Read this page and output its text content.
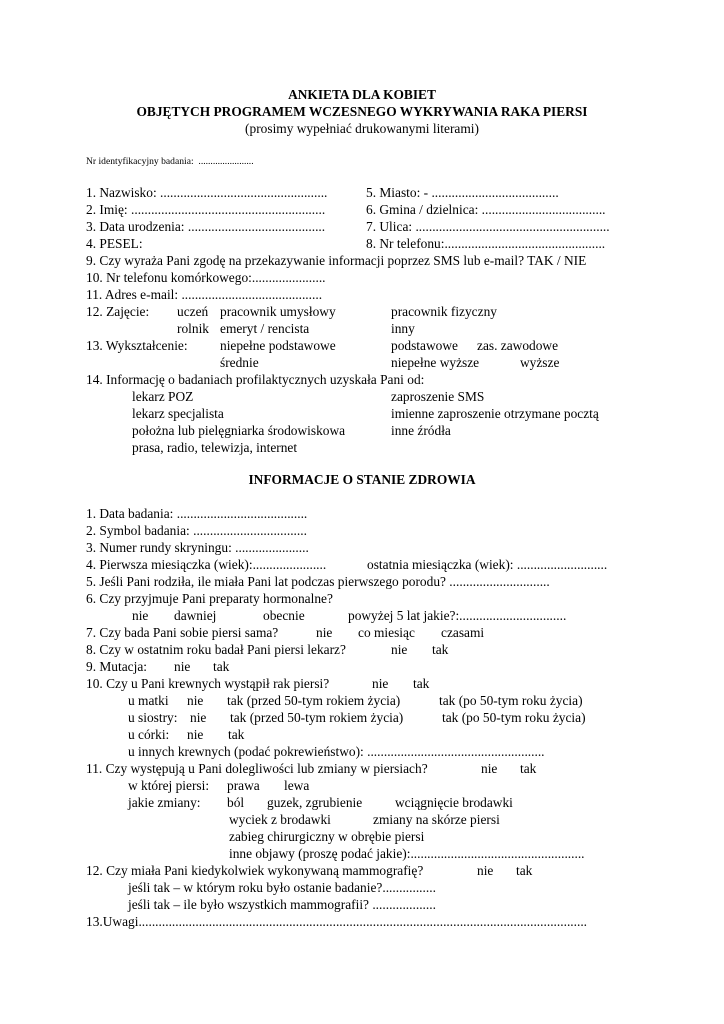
ANKIETA DLA KOBIET
OBJĘTYCH PROGRAMEM WCZESNEGO WYKRYWANIA RAKA PIERSI
(prosimy wypełniać drukowanymi literami)
Nr identyfikacyjny badania:  .......................
1. Nazwisko: ..................................................
2. Imię: ..........................................................
3. Data urodzenia: .........................................
4. PESEL:
5. Miasto: - ......................................
6. Gmina / dzielnica: .....................................
7. Ulica: ..........................................................
8. Nr telefonu:................................................
9. Czy wyraża Pani zgodę na przekazywanie informacji poprzez SMS lub e-mail? TAK / NIE
10. Nr telefonu komórkowego:......................
11. Adres e-mail: ..........................................
12. Zajęcie: uczeń pracownik umysłowy	pracownik fizyczny
rolnik emeryt / rencista	inny
13. Wykształcenie: niepełne podstawowe	podstawowe zas. zawodowe
średnie	niepełne wyższe	wyższe
14. Informację o badaniach profilaktycznych uzyskała Pani od:
lekarz POZ	zaproszenie SMS
lekarz specjalista	imienne zaproszenie otrzymane pocztą
położna lub pielęgniarka środowiskowa	inne źródła
prasa, radio, telewizja, internet
INFORMACJE O STANIE ZDROWIA
1. Data badania: .......................................
2. Symbol badania: ..................................
3. Numer rundy skryningu: ......................
4. Pierwsza miesiączka (wiek):......................	ostatnia miesiączka (wiek): ...........................
5. Jeśli Pani rodziła, ile miała Pani lat podczas pierwszego porodu? ..............................
6. Czy przyjmuje Pani preparaty hormonalne?
nie dawniej	obecnie	powyżej 5 lat jakie?:................................
7. Czy bada Pani sobie piersi sama?	nie co miesiąc czasami
8. Czy w ostatnim roku badał Pani piersi lekarz?	nie tak
9. Mutacja: nie tak
10. Czy u Pani krewnych wystąpił rak piersi?	nie tak
u matki nie tak (przed 50-tym rokiem życia)	tak (po 50-tym roku życia)
u siostry: nie tak (przed 50-tym rokiem życia)	tak (po 50-tym roku życia)
u córki: nie tak
u innych krewnych (podać pokrewieństwo): .....................................................
11. Czy występują u Pani dolegliwości lub zmiany w piersiach?	nie tak
w której piersi: prawa lewa
jakie zmiany: ból guzek, zgrubienie wciągnięcie brodawki
wyciek z brodawki	zmiany na skórze piersi
zabieg chirurgiczny w obrębie piersi
inne objawy (proszę podać jakie):....................................................
12. Czy miała Pani kiedykolwiek wykonywaną mammografię?	nie tak
jeśli tak – w którym roku było ostanie badanie?................
jeśli tak – ile było wszystkich mammografii? ...................
13.Uwagi......................................................................................................................................
